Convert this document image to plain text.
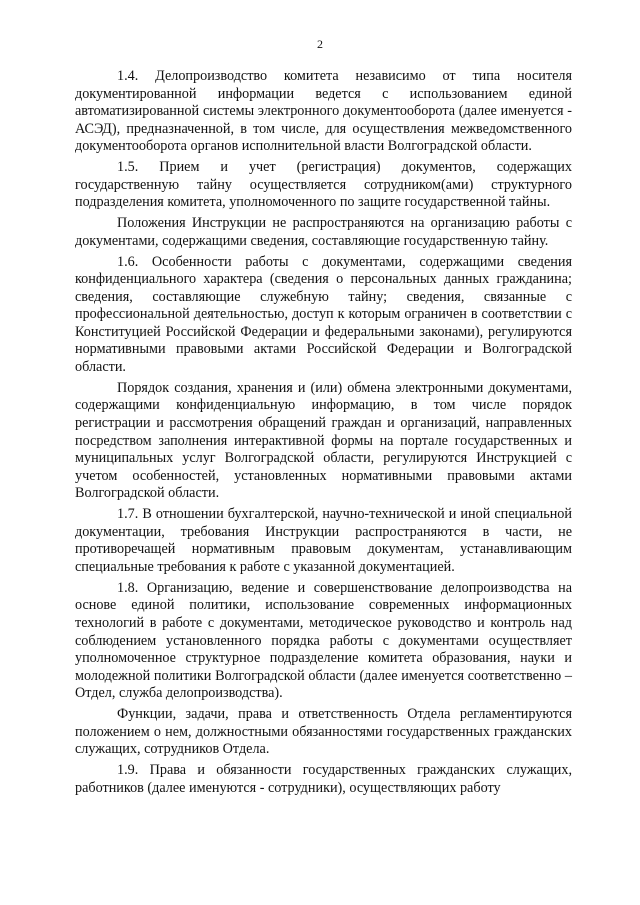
2

1.4. Делопроизводство комитета независимо от типа носителя документированной информации ведется с использованием единой автоматизированной системы электронного документооборота (далее именуется - АСЭД), предназначенной, в том числе, для осуществления межведомственного документооборота органов исполнительной власти Волгоградской области.

1.5. Прием и учет (регистрация) документов, содержащих государственную тайну осуществляется сотрудником(ами) структурного подразделения комитета, уполномоченного по защите государственной тайны.

Положения Инструкции не распространяются на организацию работы с документами, содержащими сведения, составляющие государственную тайну.

1.6. Особенности работы с документами, содержащими сведения конфиденциального характера (сведения о персональных данных гражданина; сведения, составляющие служебную тайну; сведения, связанные с профессиональной деятельностью, доступ к которым ограничен в соответствии с Конституцией Российской Федерации и федеральными законами), регулируются нормативными правовыми актами Российской Федерации и Волгоградской области.

Порядок создания, хранения и (или) обмена электронными документами, содержащими конфиденциальную информацию, в том числе порядок регистрации и рассмотрения обращений граждан и организаций, направленных посредством заполнения интерактивной формы на портале государственных и муниципальных услуг Волгоградской области, регулируются Инструкцией с учетом особенностей, установленных нормативными правовыми актами Волгоградской области.

1.7. В отношении бухгалтерской, научно-технической и иной специальной документации, требования Инструкции распространяются в части, не противоречащей нормативным правовым документам, устанавливающим специальные требования к работе с указанной документацией.

1.8. Организацию, ведение и совершенствование делопроизводства на основе единой политики, использование современных информационных технологий в работе с документами, методическое руководство и контроль над соблюдением установленного порядка работы с документами осуществляет уполномоченное структурное подразделение комитета образования, науки и молодежной политики Волгоградской области (далее именуется соответственно – Отдел, служба делопроизводства).

Функции, задачи, права и ответственность Отдела регламентируются положением о нем, должностными обязанностями государственных гражданских служащих, сотрудников Отдела.

1.9. Права и обязанности государственных гражданских служащих, работников (далее именуются - сотрудники), осуществляющих работу
